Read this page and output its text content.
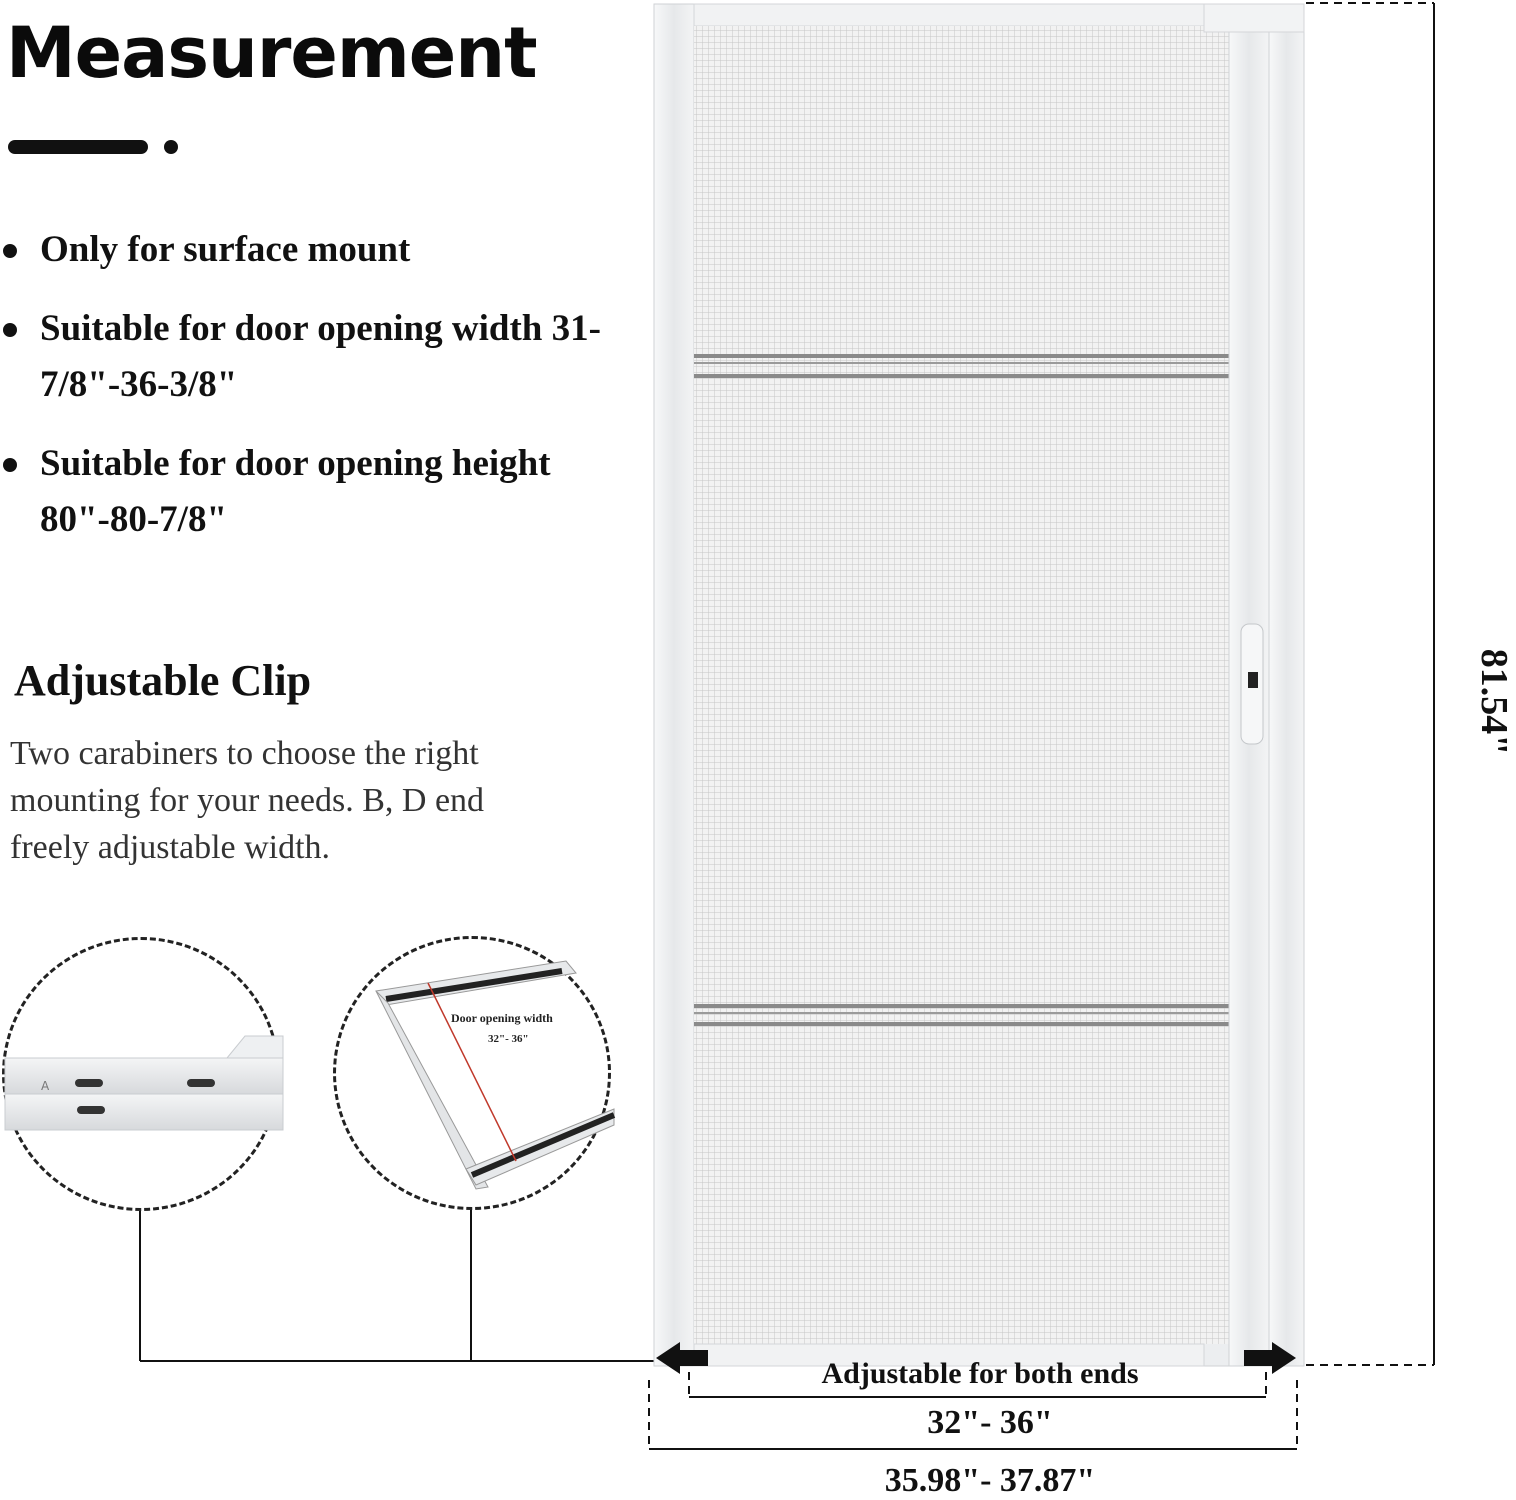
Measurement
Only for surface mount
Suitable for door opening width 31-7/8"-36-3/8"
Suitable for door opening height 80"-80-7/8"
Adjustable Clip
Two carabiners to choose the right mounting for your needs. B, D end freely adjustable width.
A
Door opening width
32"- 36"
Adjustable for both ends
32"- 36"
35.98"- 37.87"
81.54"
